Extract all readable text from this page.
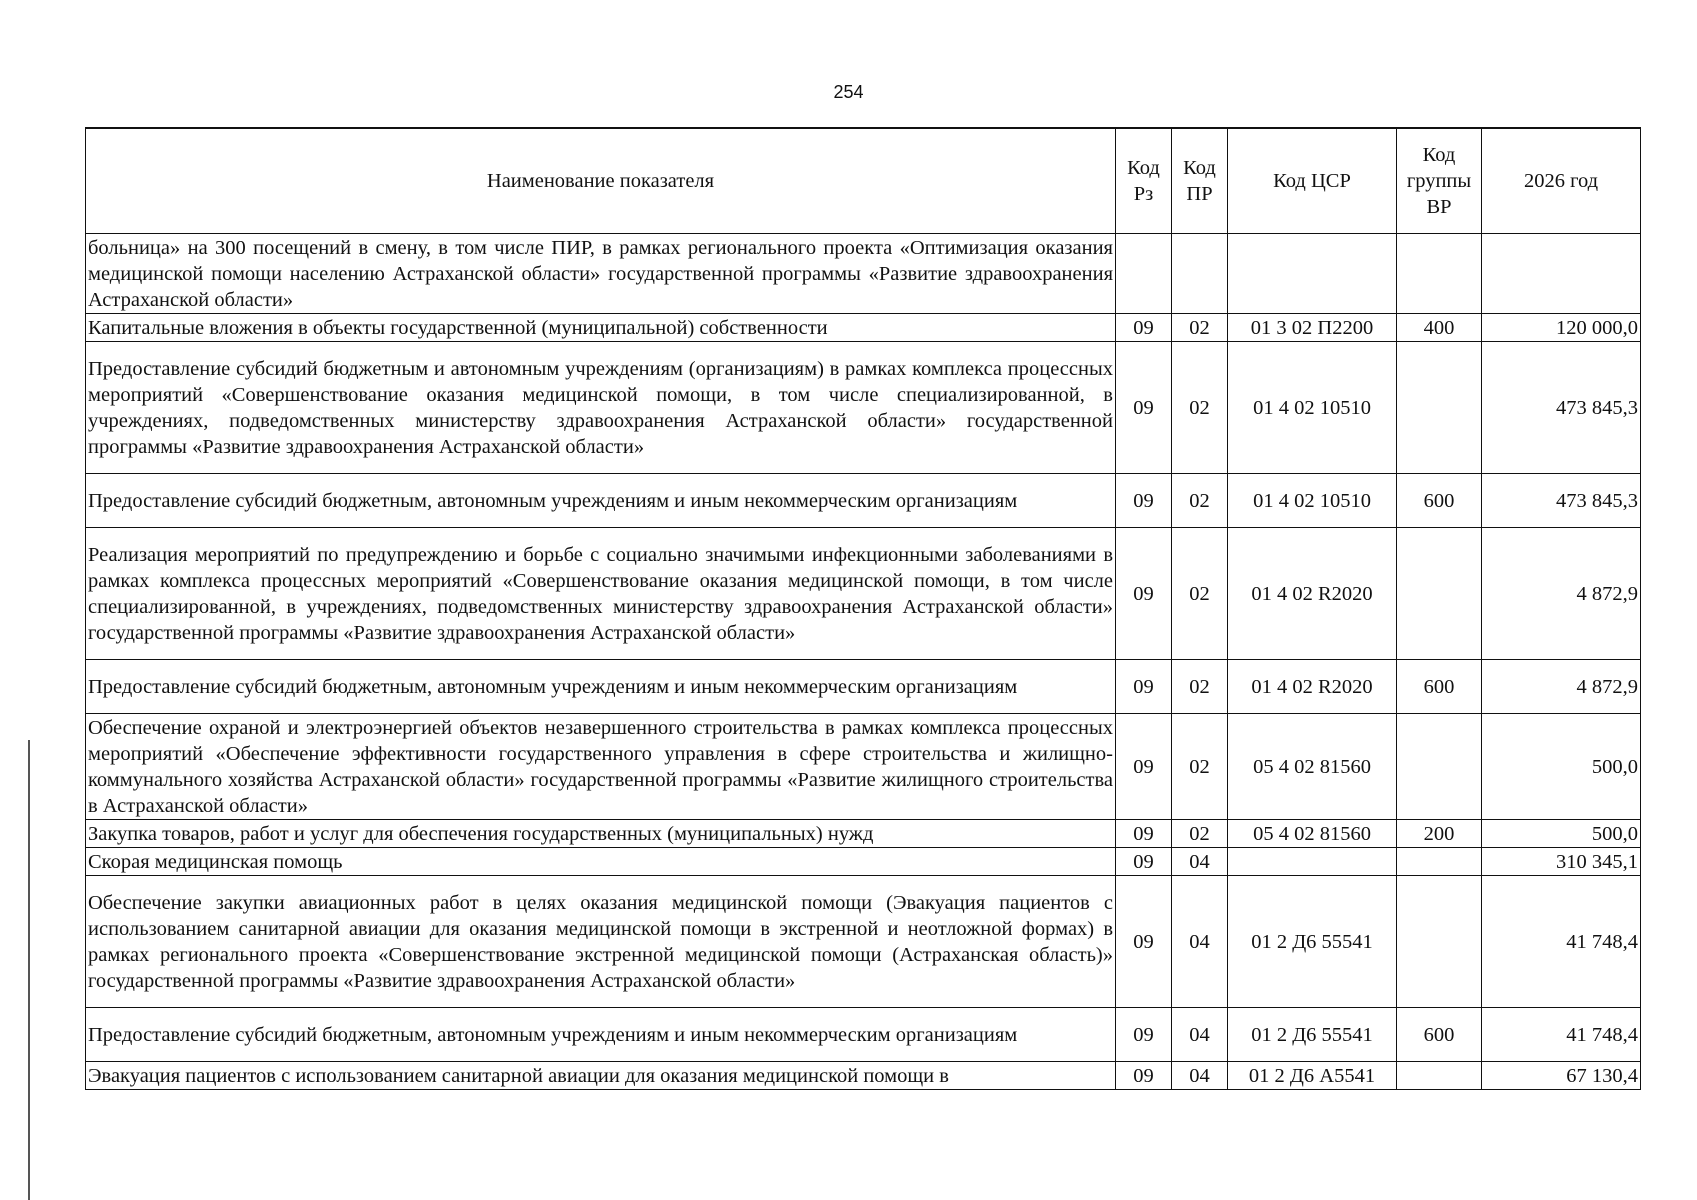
254
Наименование показателя	Код Рз	Код ПР	Код ЦСР	Код группы ВР	2026 год
больница» на 300 посещений в смену, в том числе ПИР, в рамках регионального проекта «Оптимизация оказания медицинской помощи населению Астраханской области» государственной программы «Развитие здравоохранения Астраханской области»					
Капитальные вложения в объекты государственной (муниципальной) собственности	09	02	01 3 02 П2200	400	120 000,0
Предоставление субсидий бюджетным и автономным учреждениям (организациям) в рамках комплекса процессных мероприятий «Совершенствование оказания медицинской помощи, в том числе специализированной, в учреждениях, подведомственных министерству здравоохранения Астраханской области» государственной программы «Развитие здравоохранения Астраханской области»	09	02	01 4 02 10510		473 845,3
Предоставление субсидий бюджетным, автономным учреждениям и иным некоммерческим организациям	09	02	01 4 02 10510	600	473 845,3
Реализация мероприятий по предупреждению и борьбе с социально значимыми инфекционными заболеваниями в рамках комплекса процессных мероприятий «Совершенствование оказания медицинской помощи, в том числе специализированной, в учреждениях, подведомственных министерству здравоохранения Астраханской области» государственной программы «Развитие здравоохранения Астраханской области»	09	02	01 4 02 R2020		4 872,9
Предоставление субсидий бюджетным, автономным учреждениям и иным некоммерческим организациям	09	02	01 4 02 R2020	600	4 872,9
Обеспечение охраной и электроэнергией объектов незавершенного строительства в рамках комплекса процессных мероприятий «Обеспечение эффективности государственного управления в сфере строительства и жилищно-коммунального хозяйства Астраханской области» государственной программы «Развитие жилищного строительства в Астраханской области»	09	02	05 4 02 81560		500,0
Закупка товаров, работ и услуг для обеспечения государственных (муниципальных) нужд	09	02	05 4 02 81560	200	500,0
Скорая медицинская помощь	09	04			310 345,1
Обеспечение закупки авиационных работ в целях оказания медицинской помощи (Эвакуация пациентов с использованием санитарной авиации для оказания медицинской помощи в экстренной и неотложной формах) в рамках регионального проекта «Совершенствование экстренной медицинской помощи (Астраханская область)» государственной программы «Развитие здравоохранения Астраханской области»	09	04	01 2 Д6 55541		41 748,4
Предоставление субсидий бюджетным, автономным учреждениям и иным некоммерческим организациям	09	04	01 2 Д6 55541	600	41 748,4
Эвакуация пациентов с использованием санитарной авиации для оказания медицинской помощи в	09	04	01 2 Д6 А5541		67 130,4
